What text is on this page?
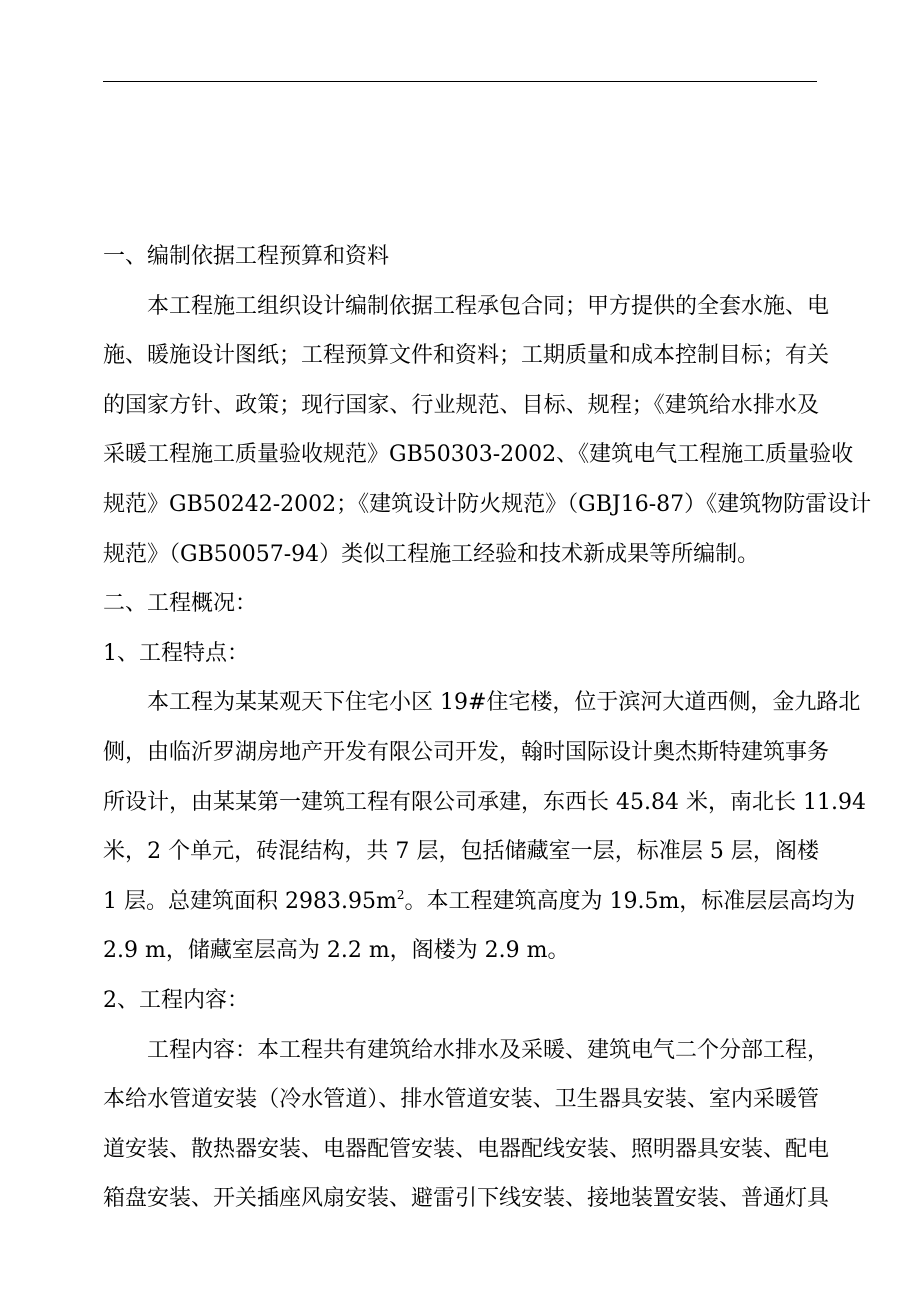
一、编制依据工程预算和资料
本工程施工组织设计编制依据工程承包合同；甲方提供的全套水施、电
施、暖施设计图纸；工程预算文件和资料；工期质量和成本控制目标；有关
的国家方针、政策；现行国家、行业规范、目标、规程；《建筑给水排水及
采暖工程施工质量验收规范》GB50303-2002、《建筑电气工程施工质量验收
规范》GB50242-2002；《建筑设计防火规范》（GBJ16-87）《建筑物防雷设计
规范》（GB50057-94）类似工程施工经验和技术新成果等所编制。
二、工程概况：
1、工程特点：
本工程为某某观天下住宅小区 19#住宅楼，位于滨河大道西侧，金九路北
侧，由临沂罗湖房地产开发有限公司开发，翰时国际设计奥杰斯特建筑事务
所设计，由某某第一建筑工程有限公司承建，东西长 45.84 米，南北长 11.94
米，2 个单元，砖混结构，共 7 层，包括储藏室一层，标准层 5 层，阁楼
1 层。总建筑面积 $2983.95m^2$。本工程建筑高度为 19.5m，标准层层高均为
2.9 m，储藏室层高为 2.2 m，阁楼为 2.9 m。
2、工程内容：
工程内容：本工程共有建筑给水排水及采暖、建筑电气二个分部工程，
本给水管道安装（冷水管道）、排水管道安装、卫生器具安装、室内采暖管
道安装、散热器安装、电器配管安装、电器配线安装、照明器具安装、配电
箱盘安装、开关插座风扇安装、避雷引下线安装、接地装置安装、普通灯具
